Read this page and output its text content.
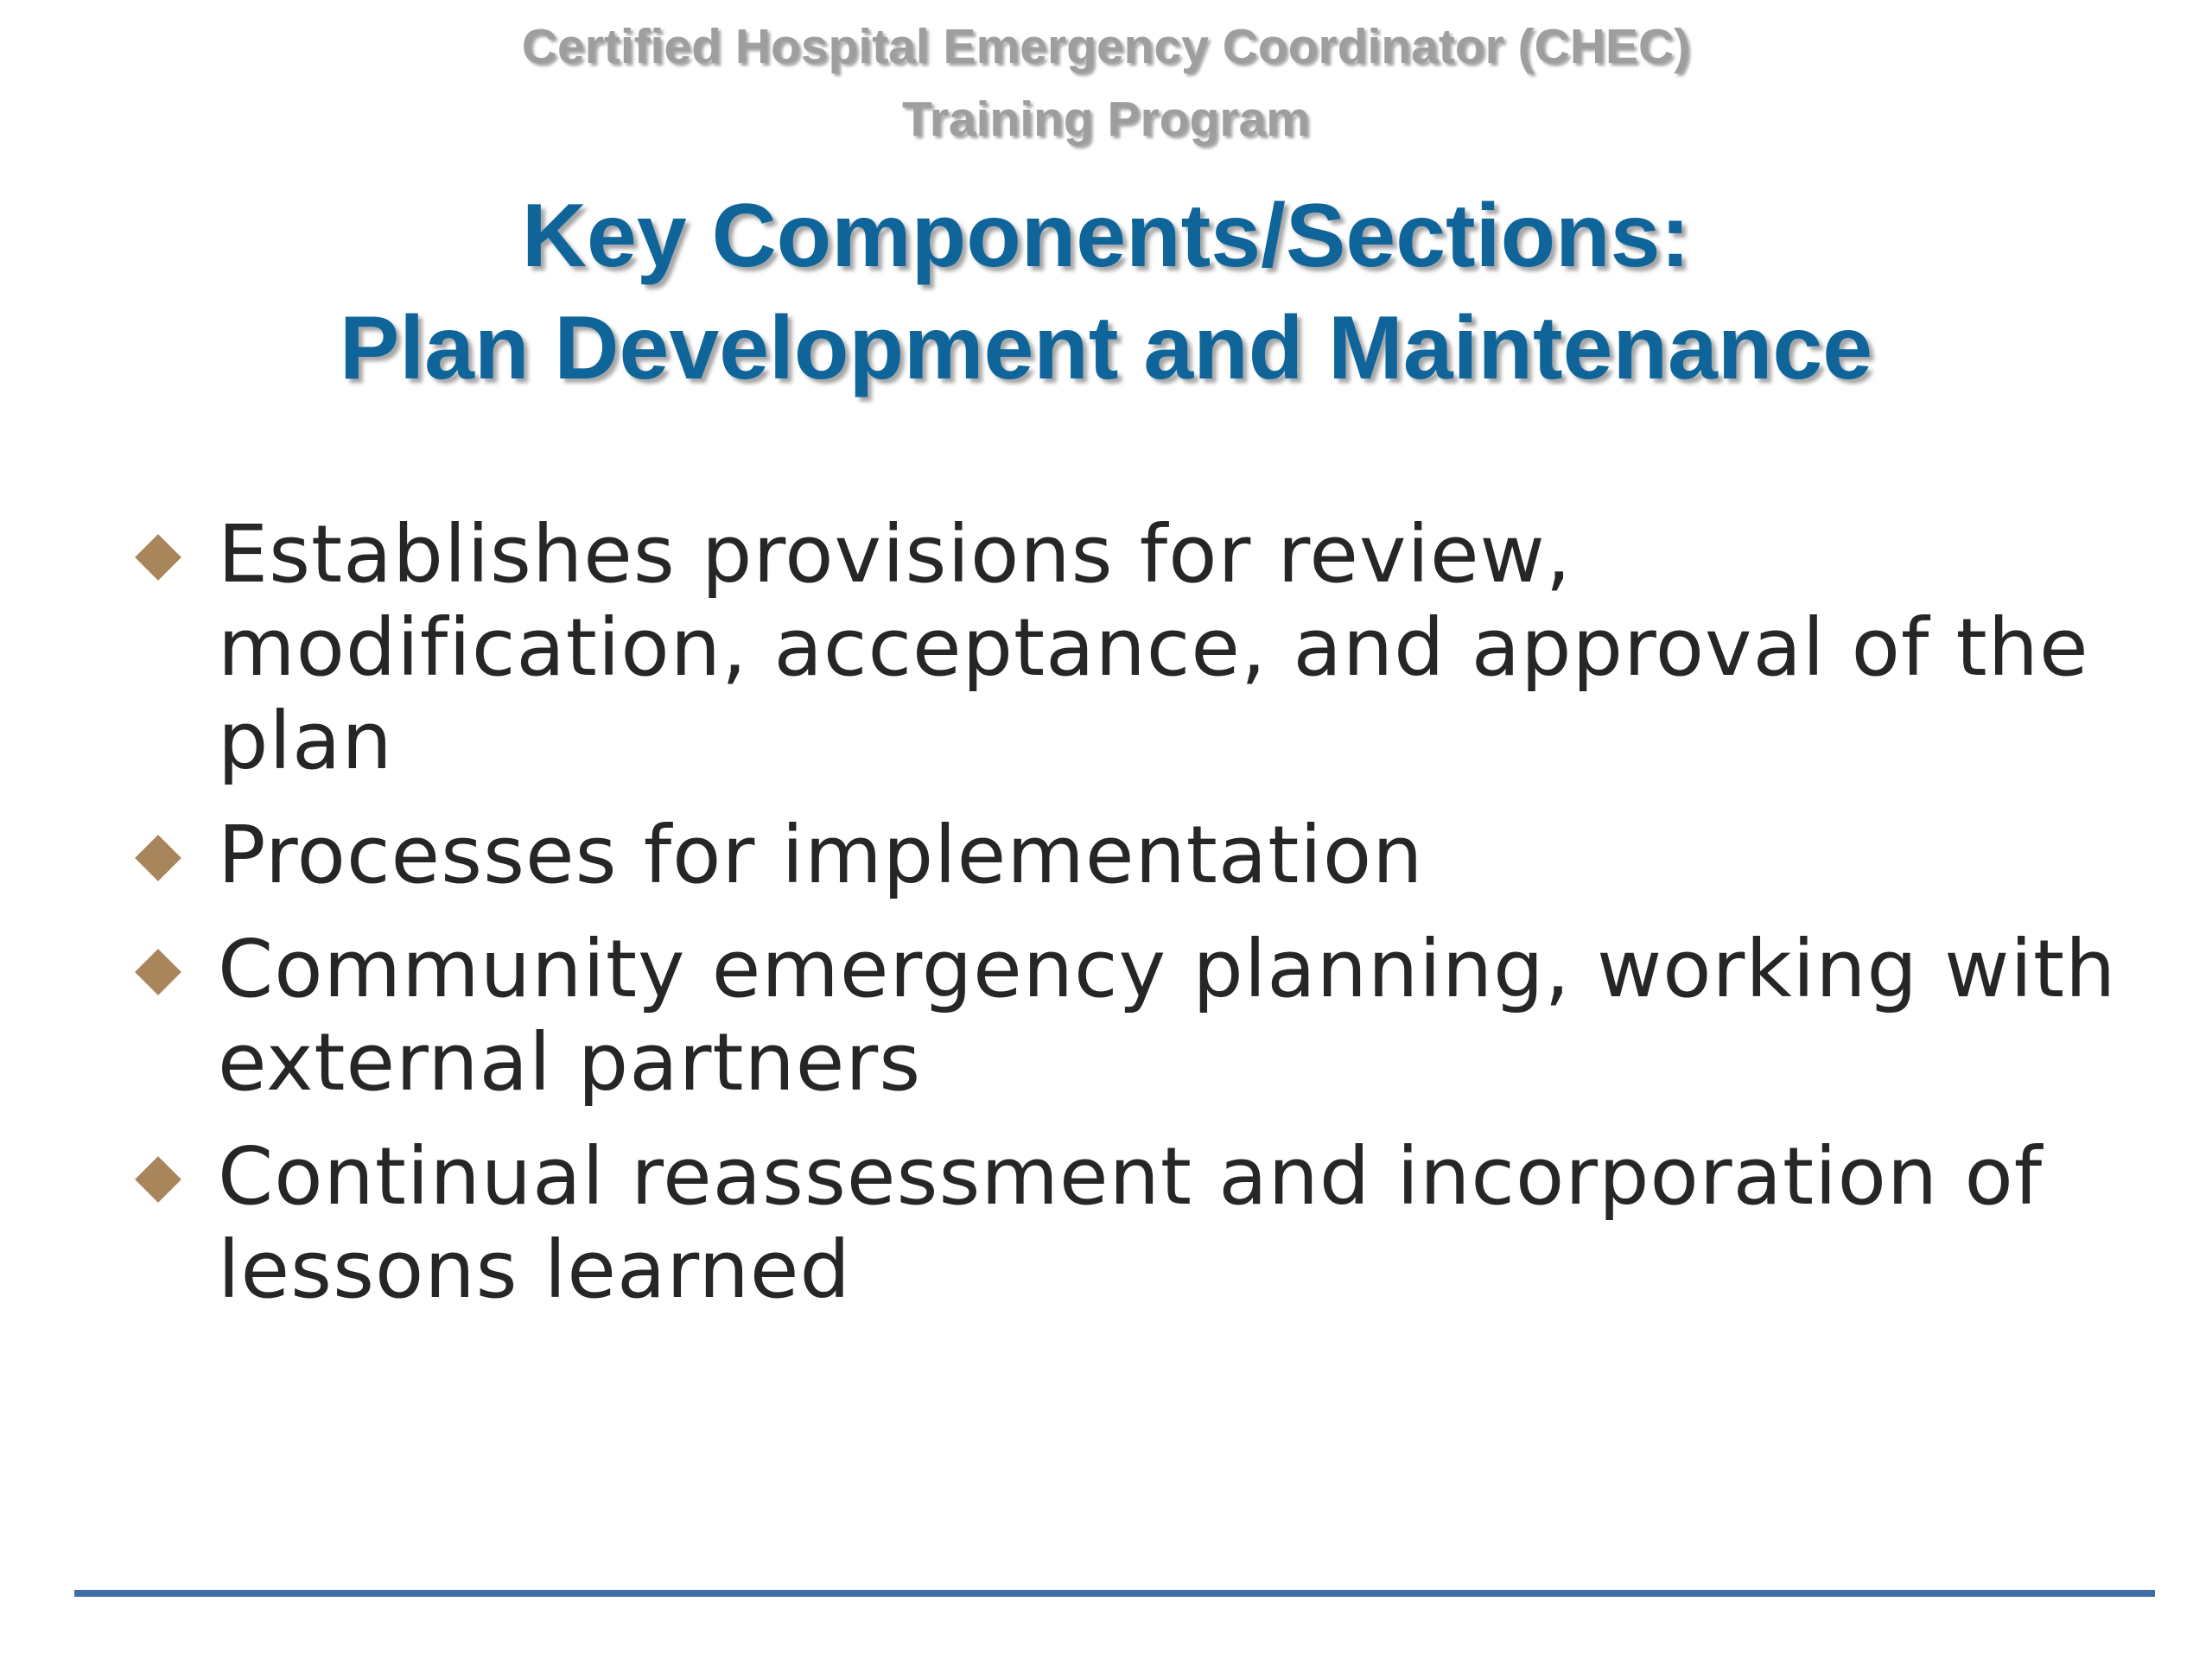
Certified Hospital Emergency Coordinator (CHEC)
Training Program
Key Components/Sections:
Plan Development and Maintenance
Establishes provisions for review, modification, acceptance, and approval of the plan
Processes for implementation
Community emergency planning, working with external partners
Continual reassessment and incorporation of lessons learned
